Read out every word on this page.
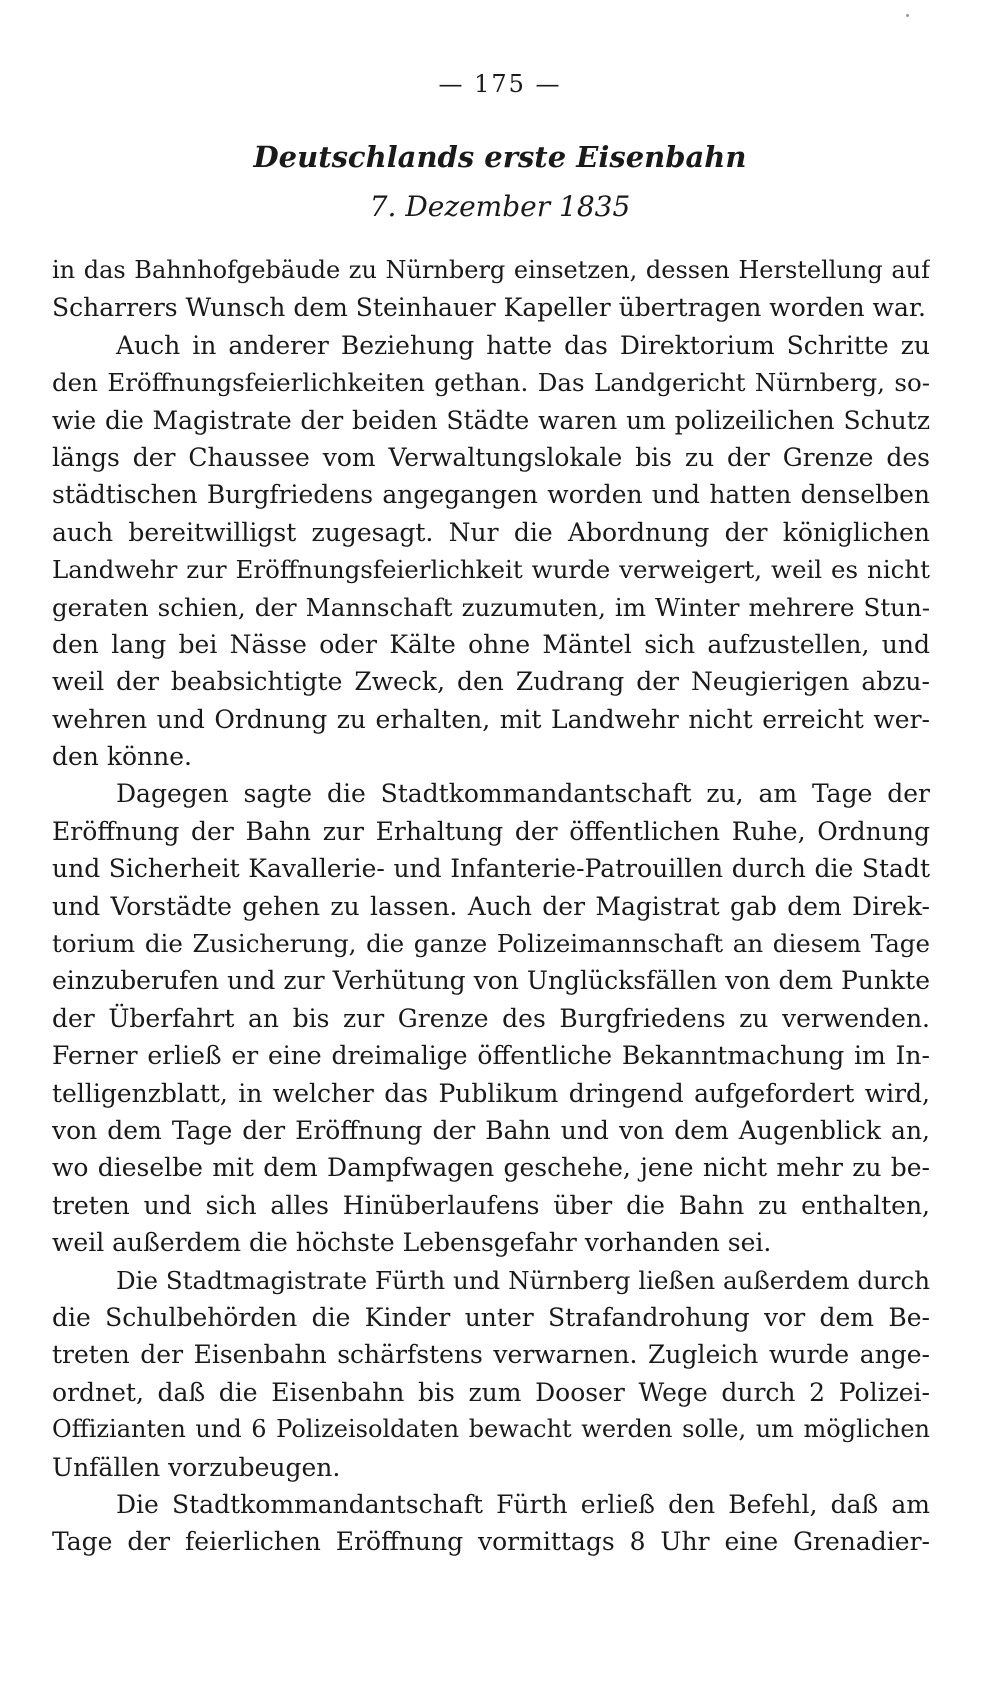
— 175 —
Deutschlands erste Eisenbahn
7. Dezember 1835
in das Bahnhofgebäude zu Nürnberg einsetzen, dessen Herstellung auf
Scharrers Wunsch dem Steinhauer Kapeller übertragen worden war.
Auch in anderer Beziehung hatte das Direktorium Schritte zu
den Eröffnungsfeierlichkeiten gethan. Das Landgericht Nürnberg, so-
wie die Magistrate der beiden Städte waren um polizeilichen Schutz
längs der Chaussee vom Verwaltungslokale bis zu der Grenze des
städtischen Burgfriedens angegangen worden und hatten denselben
auch bereitwilligst zugesagt. Nur die Abordnung der königlichen
Landwehr zur Eröffnungsfeierlichkeit wurde verweigert, weil es nicht
geraten schien, der Mannschaft zuzumuten, im Winter mehrere Stun-
den lang bei Nässe oder Kälte ohne Mäntel sich aufzustellen, und
weil der beabsichtigte Zweck, den Zudrang der Neugierigen abzu-
wehren und Ordnung zu erhalten, mit Landwehr nicht erreicht wer-
den könne.
Dagegen sagte die Stadtkommandantschaft zu, am Tage der
Eröffnung der Bahn zur Erhaltung der öffentlichen Ruhe, Ordnung
und Sicherheit Kavallerie- und Infanterie-Patrouillen durch die Stadt
und Vorstädte gehen zu lassen. Auch der Magistrat gab dem Direk-
torium die Zusicherung, die ganze Polizeimannschaft an diesem Tage
einzuberufen und zur Verhütung von Unglücksfällen von dem Punkte
der Überfahrt an bis zur Grenze des Burgfriedens zu verwenden.
Ferner erließ er eine dreimalige öffentliche Bekanntmachung im In-
telligenzblatt, in welcher das Publikum dringend aufgefordert wird,
von dem Tage der Eröffnung der Bahn und von dem Augenblick an,
wo dieselbe mit dem Dampfwagen geschehe, jene nicht mehr zu be-
treten und sich alles Hinüberlaufens über die Bahn zu enthalten,
weil außerdem die höchste Lebensgefahr vorhanden sei.
Die Stadtmagistrate Fürth und Nürnberg ließen außerdem durch
die Schulbehörden die Kinder unter Strafandrohung vor dem Be-
treten der Eisenbahn schärfstens verwarnen. Zugleich wurde ange-
ordnet, daß die Eisenbahn bis zum Dooser Wege durch 2 Polizei-
Offizianten und 6 Polizeisoldaten bewacht werden solle, um möglichen
Unfällen vorzubeugen.
Die Stadtkommandantschaft Fürth erließ den Befehl, daß am
Tage der feierlichen Eröffnung vormittags 8 Uhr eine Grenadier-
